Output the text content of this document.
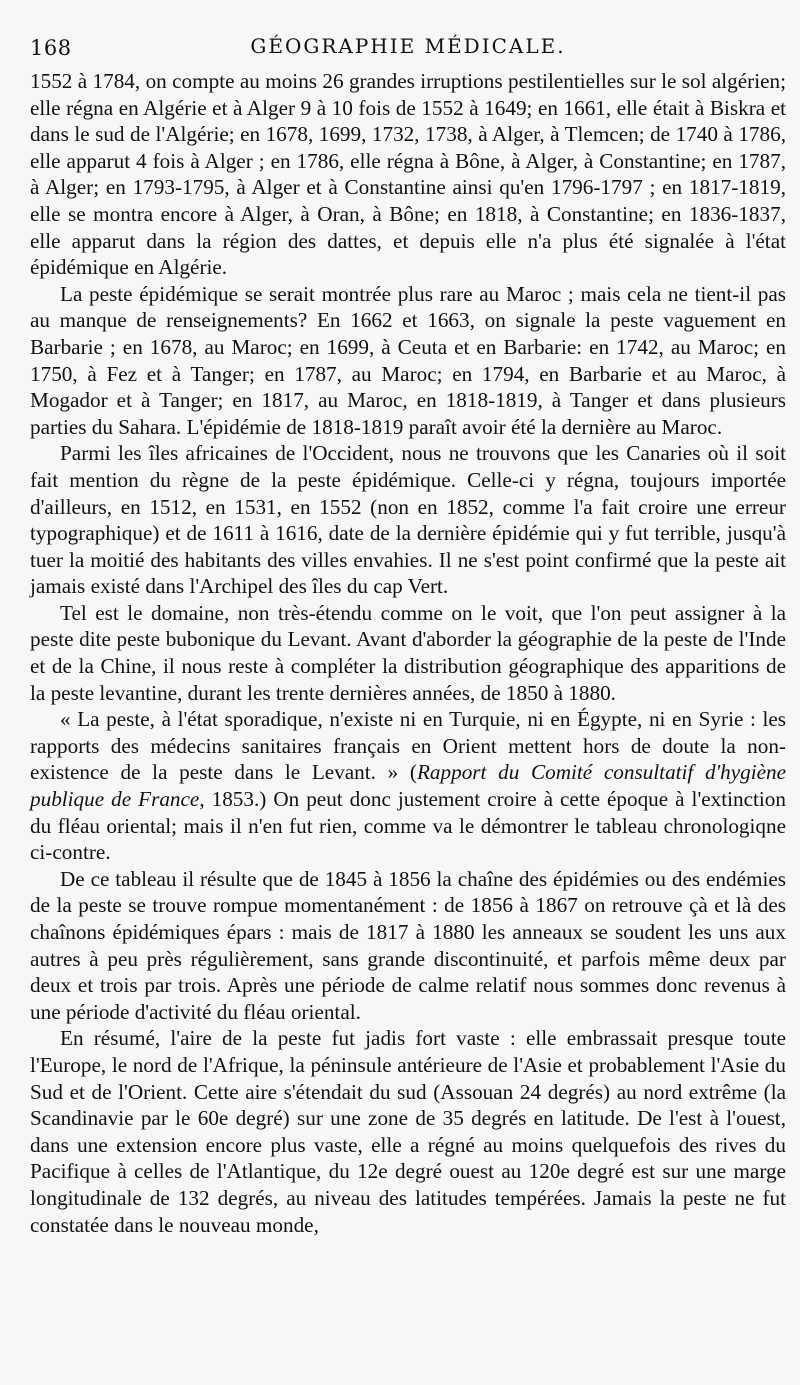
168	GÉOGRAPHIE MÉDICALE.

1552 à 1784, on compte au moins 26 grandes irruptions pestilentielles sur le sol algérien; elle régna en Algérie et à Alger 9 à 10 fois de 1552 à 1649; en 1661, elle était à Biskra et dans le sud de l'Algérie; en 1678, 1699, 1732, 1738, à Alger, à Tlemcen; de 1740 à 1786, elle apparut 4 fois à Alger ; en 1786, elle régna à Bône, à Alger, à Constantine; en 1787, à Alger; en 1793-1795, à Alger et à Constantine ainsi qu'en 1796-1797 ; en 1817-1819, elle se montra encore à Alger, à Oran, à Bône; en 1818, à Constantine; en 1836-1837, elle apparut dans la région des dattes, et depuis elle n'a plus été signalée à l'état épidémique en Algérie.

La peste épidémique se serait montrée plus rare au Maroc ; mais cela ne tient-il pas au manque de renseignements? En 1662 et 1663, on signale la peste vaguement en Barbarie ; en 1678, au Maroc; en 1699, à Ceuta et en Barbarie: en 1742, au Maroc; en 1750, à Fez et à Tanger; en 1787, au Maroc; en 1794, en Barbarie et au Maroc, à Mogador et à Tanger; en 1817, au Maroc, en 1818-1819, à Tanger et dans plusieurs parties du Sahara. L'épidémie de 1818-1819 paraît avoir été la dernière au Maroc.

Parmi les îles africaines de l'Occident, nous ne trouvons que les Canaries où il soit fait mention du règne de la peste épidémique. Celle-ci y régna, toujours importée d'ailleurs, en 1512, en 1531, en 1552 (non en 1852, comme l'a fait croire une erreur typographique) et de 1611 à 1616, date de la dernière épidémie qui y fut terrible, jusqu'à tuer la moitié des habitants des villes envahies. Il ne s'est point confirmé que la peste ait jamais existé dans l'Archipel des îles du cap Vert.

Tel est le domaine, non très-étendu comme on le voit, que l'on peut assigner à la peste dite peste bubonique du Levant. Avant d'aborder la géographie de la peste de l'Inde et de la Chine, il nous reste à compléter la distribution géographique des apparitions de la peste levantine, durant les trente dernières années, de 1850 à 1880.

« La peste, à l'état sporadique, n'existe ni en Turquie, ni en Égypte, ni en Syrie : les rapports des médecins sanitaires français en Orient mettent hors de doute la non-existence de la peste dans le Levant. » (Rapport du Comité consultatif d'hygiène publique de France, 1853.) On peut donc justement croire à cette époque à l'extinction du fléau oriental; mais il n'en fut rien, comme va le démontrer le tableau chronologiqne ci-contre.

De ce tableau il résulte que de 1845 à 1856 la chaîne des épidémies ou des endémies de la peste se trouve rompue momentanément : de 1856 à 1867 on retrouve çà et là des chaînons épidémiques épars : mais de 1817 à 1880 les anneaux se soudent les uns aux autres à peu près régulièrement, sans grande discontinuité, et parfois même deux par deux et trois par trois. Après une période de calme relatif nous sommes donc revenus à une période d'activité du fléau oriental.

En résumé, l'aire de la peste fut jadis fort vaste : elle embrassait presque toute l'Europe, le nord de l'Afrique, la péninsule antérieure de l'Asie et probablement l'Asie du Sud et de l'Orient. Cette aire s'étendait du sud (Assouan 24 degrés) au nord extrême (la Scandinavie par le 60e degré) sur une zone de 35 degrés en latitude. De l'est à l'ouest, dans une extension encore plus vaste, elle a régné au moins quelquefois des rives du Pacifique à celles de l'Atlantique, du 12e degré ouest au 120e degré est sur une marge longitudinale de 132 degrés, au niveau des latitudes tempérées. Jamais la peste ne fut constatée dans le nouveau monde,
